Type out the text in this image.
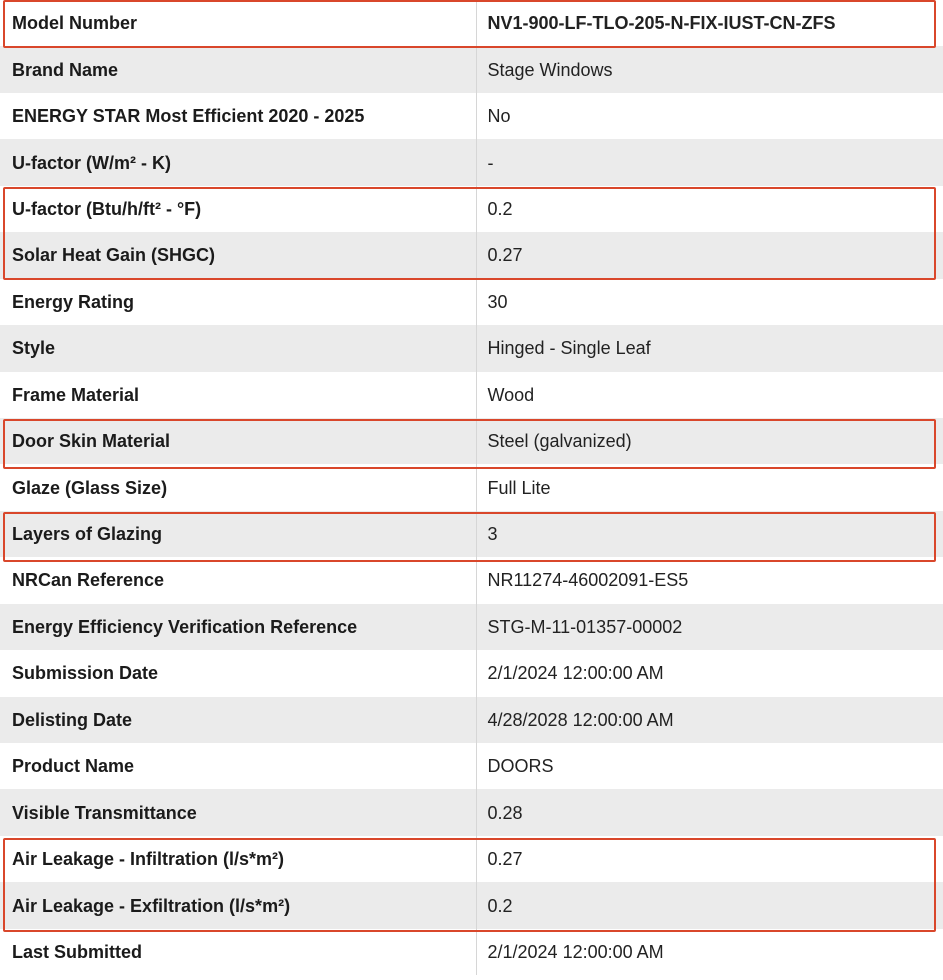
Model Number	NV1-900-LF-TLO-205-N-FIX-IUST-CN-ZFS
Brand Name	Stage Windows
ENERGY STAR Most Efficient 2020 - 2025	No
U-factor (W/m² - K)	-
U-factor (Btu/h/ft² - °F)	0.2
Solar Heat Gain (SHGC)	0.27
Energy Rating	30
Style	Hinged - Single Leaf
Frame Material	Wood
Door Skin Material	Steel (galvanized)
Glaze (Glass Size)	Full Lite
Layers of Glazing	3
NRCan Reference	NR11274-46002091-ES5
Energy Efficiency Verification Reference	STG-M-11-01357-00002
Submission Date	2/1/2024 12:00:00 AM
Delisting Date	4/28/2028 12:00:00 AM
Product Name	DOORS
Visible Transmittance	0.28
Air Leakage - Infiltration (l/s*m²)	0.27
Air Leakage - Exfiltration (l/s*m²)	0.2
Last Submitted	2/1/2024 12:00:00 AM
